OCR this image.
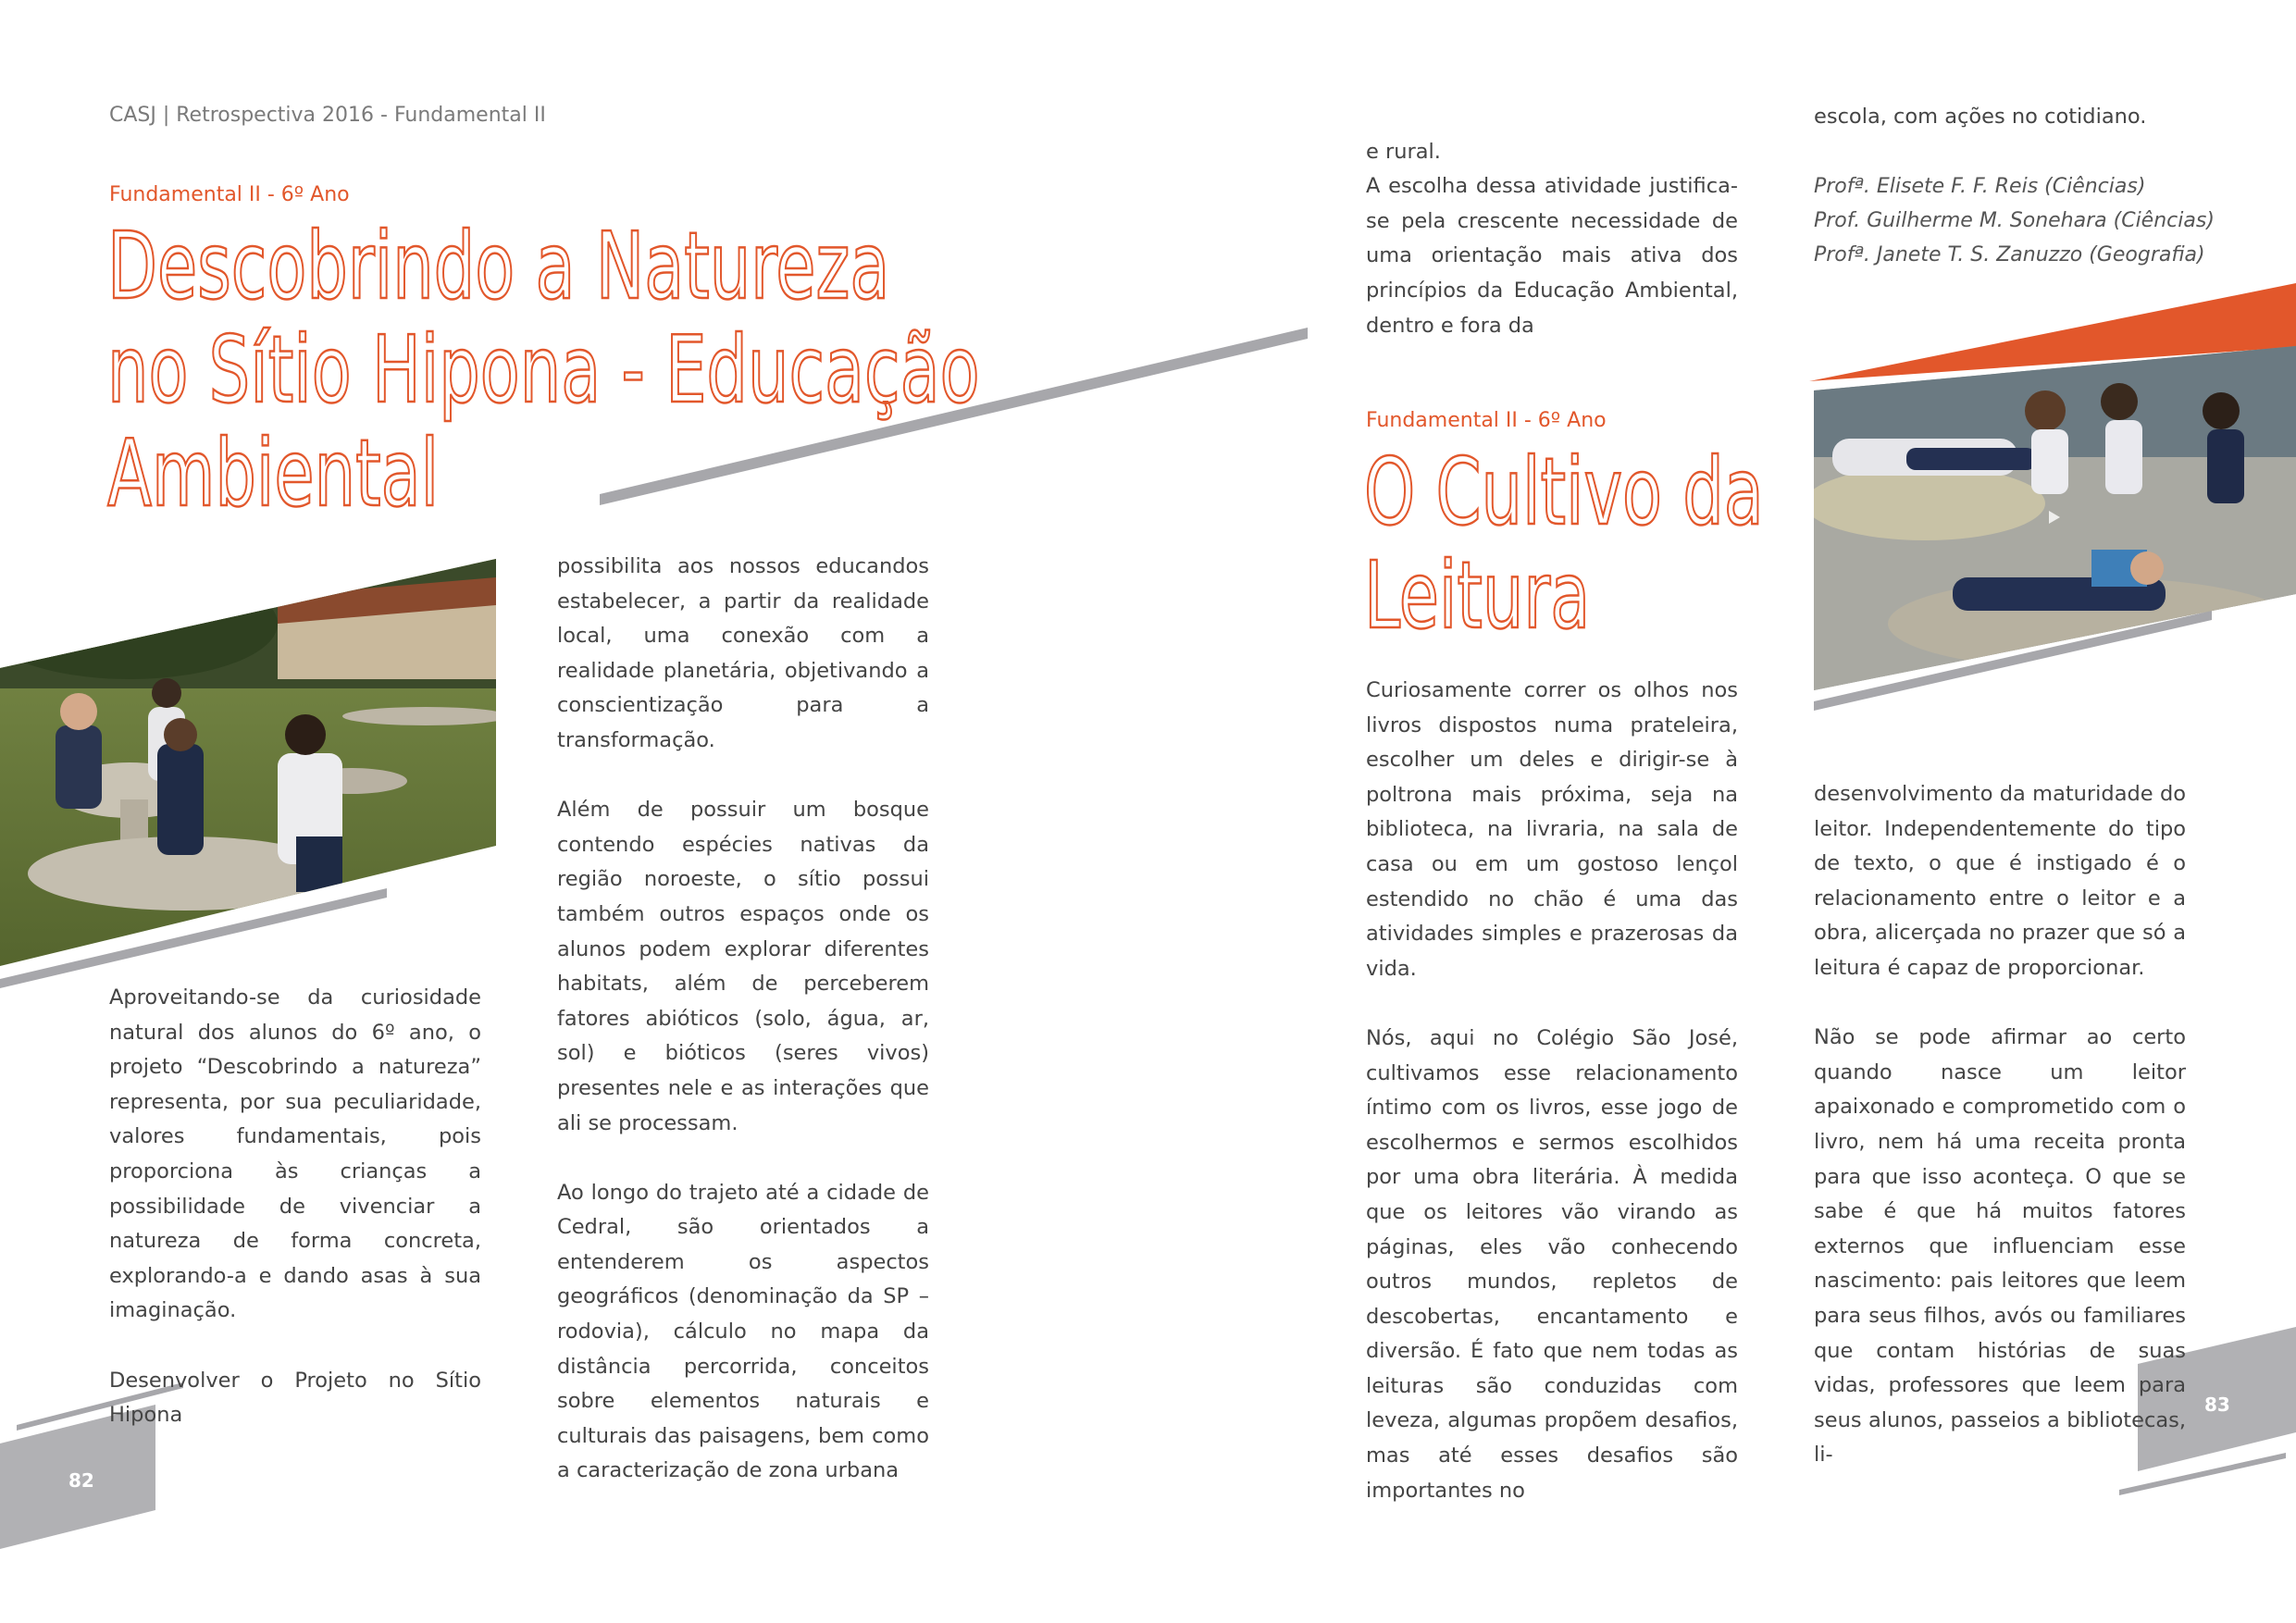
CASJ | Retrospectiva 2016 - Fundamental II
Fundamental II - 6º Ano
Descobrindo a Natureza
no Sítio Hipona - Educação
Ambiental

Aproveitando-se da curiosidade natural dos alunos do 6º ano, o projeto “Descobrindo a natureza” representa, por sua peculiaridade, valores fundamentais, pois proporciona às crianças a possibilidade de vivenciar a natureza de forma concreta, explorando-a e dando asas à sua imaginação.

Desenvolver o Projeto no Sítio Hipona

possibilita aos nossos educandos estabelecer, a partir da realidade local, uma conexão com a realidade planetária, objetivando a conscientização para a transformação.

Além de possuir um bosque contendo espécies nativas da região noroeste, o sítio possui também outros espaços onde os alunos podem explorar diferentes habitats, além de perceberem fatores abióticos (solo, água, ar, sol) e bióticos (seres vivos) presentes nele e as interações que ali se processam.

Ao longo do trajeto até a cidade de Cedral, são orientados a entenderem os aspectos geográficos (denominação da SP – rodovia), cálculo no mapa da distância percorrida, conceitos sobre elementos naturais e culturais das paisagens, bem como a caracterização de zona urbana

e rural.
A escolha dessa atividade justifica-se pela crescente necessidade de uma orientação mais ativa dos princípios da Educação Ambiental, dentro e fora da

escola, com ações no cotidiano.

Profª. Elisete F. F. Reis (Ciências)
Prof. Guilherme M. Sonehara (Ciências)
Profª. Janete T. S. Zanuzzo (Geografia)
Fundamental II - 6º Ano
O Cultivo da
Leitura

Curiosamente correr os olhos nos livros dispostos numa prateleira, escolher um deles e dirigir-se à poltrona mais próxima, seja na biblioteca, na livraria, na sala de casa ou em um gostoso lençol estendido no chão é uma das atividades simples e prazerosas da vida.

Nós, aqui no Colégio São José, cultivamos esse relacionamento íntimo com os livros, esse jogo de escolhermos e sermos escolhidos por uma obra literária. À medida que os leitores vão virando as páginas, eles vão conhecendo outros mundos, repletos de descobertas, encantamento e diversão. É fato que nem todas as leituras são conduzidas com leveza, algumas propõem desafios, mas até esses desafios são importantes no

desenvolvimento da maturidade do leitor. Independentemente do tipo de texto, o que é instigado é o relacionamento entre o leitor e a obra, alicerçada no prazer que só a leitura é capaz de proporcionar.

Não se pode afirmar ao certo quando nasce um leitor apaixonado e comprometido com o livro, nem há uma receita pronta para que isso aconteça. O que se sabe é que há muitos fatores externos que influenciam esse nascimento: pais leitores que leem para seus filhos, avós ou familiares que contam histórias de suas vidas, professores que leem para seus alunos, passeios a bibliotecas, li-

82
83
